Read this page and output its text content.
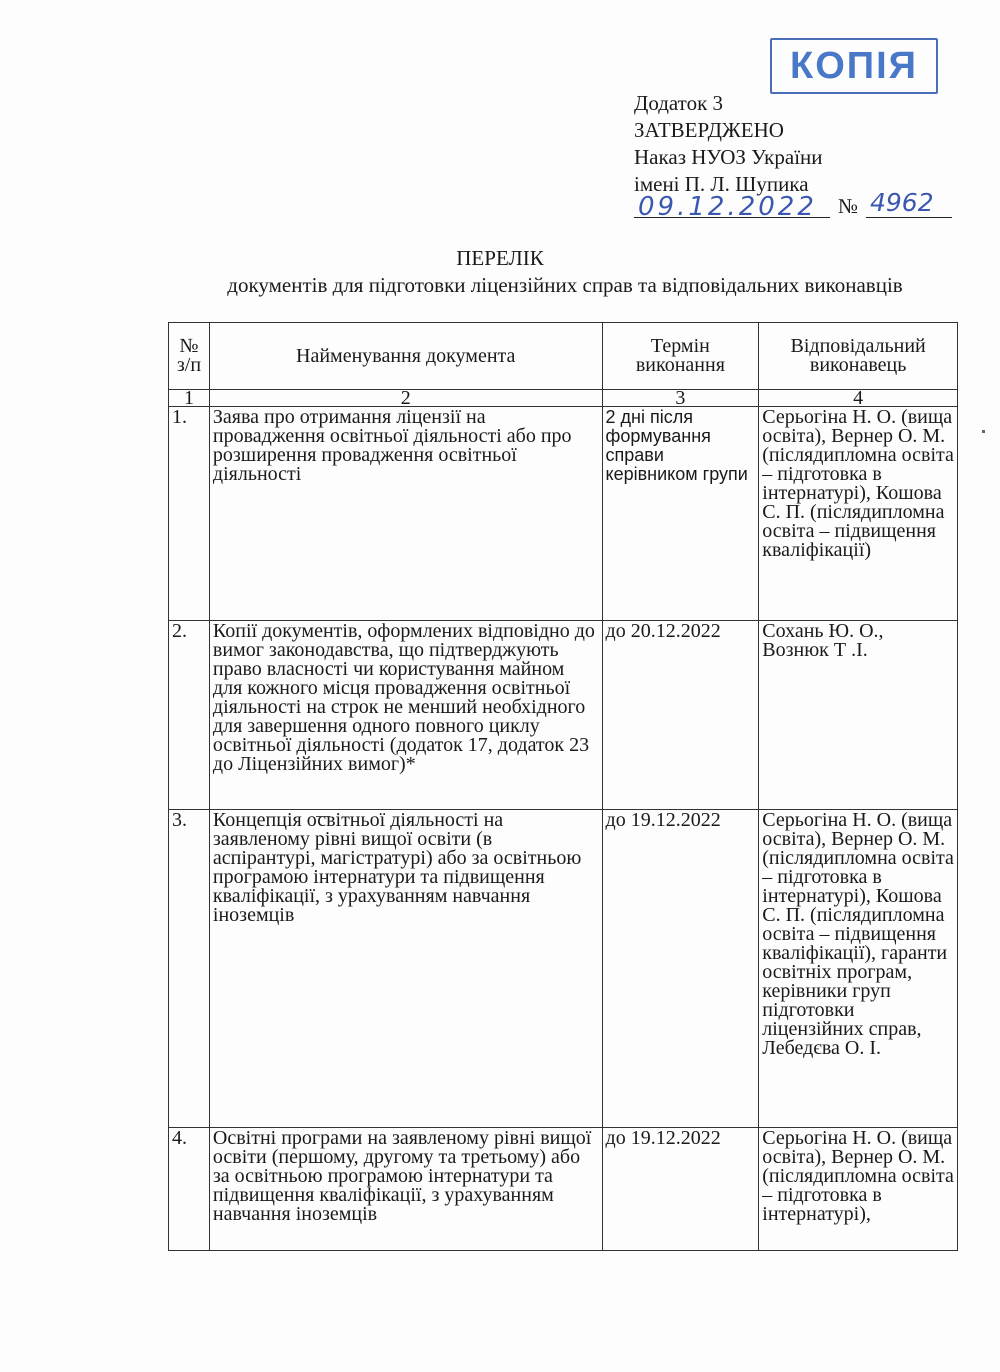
КОПІЯ
Додаток 3
ЗАТВЕРДЖЕНО
Наказ НУОЗ України
імені П. Л. Шупика
09.12.2022 № 4962
ПЕРЕЛІК
документів для підготовки ліцензійних справ та відповідальних виконавців
№ з/п	Найменування документа	Термін виконання	Відповідальний виконавець
1	2	3	4
1.	Заява про отримання ліцензії на провадження освітньої діяльності або про розширення провадження освітньої діяльності	2 дні після формування справи керівником групи	Серьогіна Н. О. (вища освіта), Вернер О. М. (післядипломна освіта – підготовка в інтернатурі), Кошова С. П. (післядипломна освіта – підвищення кваліфікації)
2.	Копії документів, оформлених відповідно до вимог законодавства, що підтверджують право власності чи користування майном для кожного місця провадження освітньої діяльності на строк не менший необхідного для завершення одного повного циклу освітньої діяльності (додаток 17, додаток 23 до Ліцензійних вимог)*	до 20.12.2022	Сохань Ю. О., Вознюк Т .І.
3.	Концепція освітньої діяльності на заявленому рівні вищої освіти (в аспірантурі, магістратурі) або за освітньою програмою інтернатури та підвищення кваліфікації, з урахуванням навчання іноземців	до 19.12.2022	Серьогіна Н. О. (вища освіта), Вернер О. М. (післядипломна освіта – підготовка в інтернатурі), Кошова С. П. (післядипломна освіта – підвищення кваліфікації), гаранти освітніх програм, керівники груп підготовки ліцензійних справ, Лебедєва О. І.
4.	Освітні програми на заявленому рівні вищої освіти (першому, другому та третьому) або за освітньою програмою інтернатури та підвищення кваліфікації, з урахуванням навчання іноземців	до 19.12.2022	Серьогіна Н. О. (вища освіта), Вернер О. М. (післядипломна освіта – підготовка в інтернатурі),
